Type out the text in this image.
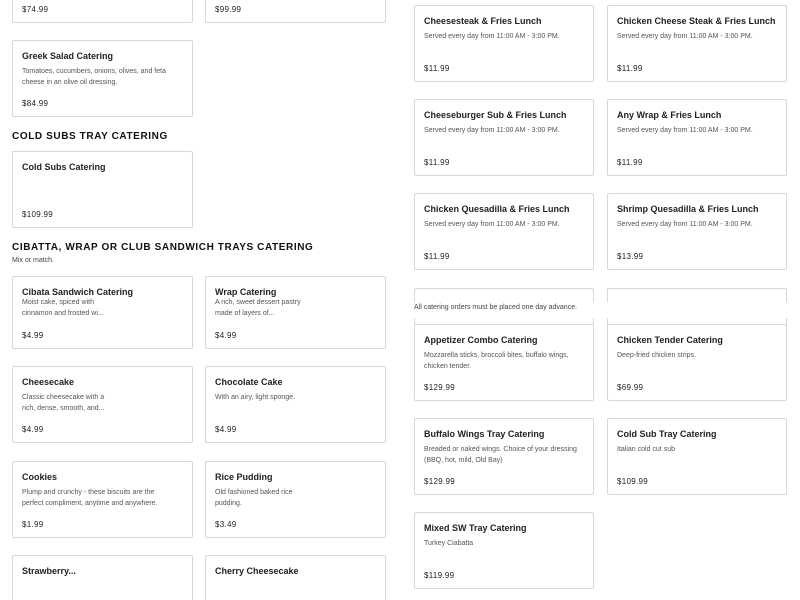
$74.99	$99.99
Greek Salad Catering
Tomatoes, cucumbers, onions, olives, and feta cheese in an olive oil dressing.
$84.99
COLD SUBS TRAY CATERING
Cold Subs Catering
$109.99
CIBATTA, WRAP OR CLUB SANDWICH TRAYS CATERING
Mix or match.
Cibata Sandwich Catering
Moist cake, spiced with cinnamon and frosted wi...
$4.99
Wrap Catering
A rich, sweet dessert pastry made of layers of...
$4.99
Cheesecake
Classic cheesecake with a rich, dense, smooth, and...
$4.99
Chocolate Cake
With an airy, light sponge.
$4.99
Cookies
Plump and crunchy - these biscuits are the perfect compliment, anytime and anywhere.
$1.99
Rice Pudding
Old fashioned baked rice pudding.
$3.49
Strawberry...	Cherry Cheesecake
Cheesesteak & Fries Lunch
Served every day from 11:00 AM - 3:00 PM.
$11.99
Chicken Cheese Steak & Fries Lunch
Served every day from 11:00 AM - 3:00 PM.
$11.99
Cheeseburger Sub & Fries Lunch
Served every day from 11:00 AM - 3:00 PM.
$11.99
Any Wrap & Fries Lunch
Served every day from 11:00 AM - 3:00 PM.
$11.99
Chicken Quesadilla & Fries Lunch
Served every day from 11:00 AM - 3:00 PM.
$11.99
Shrimp Quesadilla & Fries Lunch
Served every day from 11:00 AM - 3:00 PM.
$13.99
All catering orders must be placed one day advance.
Appetizer Combo Catering
Mozzarella sticks, broccoli bites, buffalo wings, chicken tender.
$129.99
Chicken Tender Catering
Deep-fried chicken strips.
$69.99
Buffalo Wings Tray Catering
Breaded or naked wings. Choice of your dressing (BBQ, hot, mild, Old Bay)
$129.99
Cold Sub Tray Catering
Italian cold cut sub
$109.99
Mixed SW Tray Catering
Turkey Ciabatta
$119.99
